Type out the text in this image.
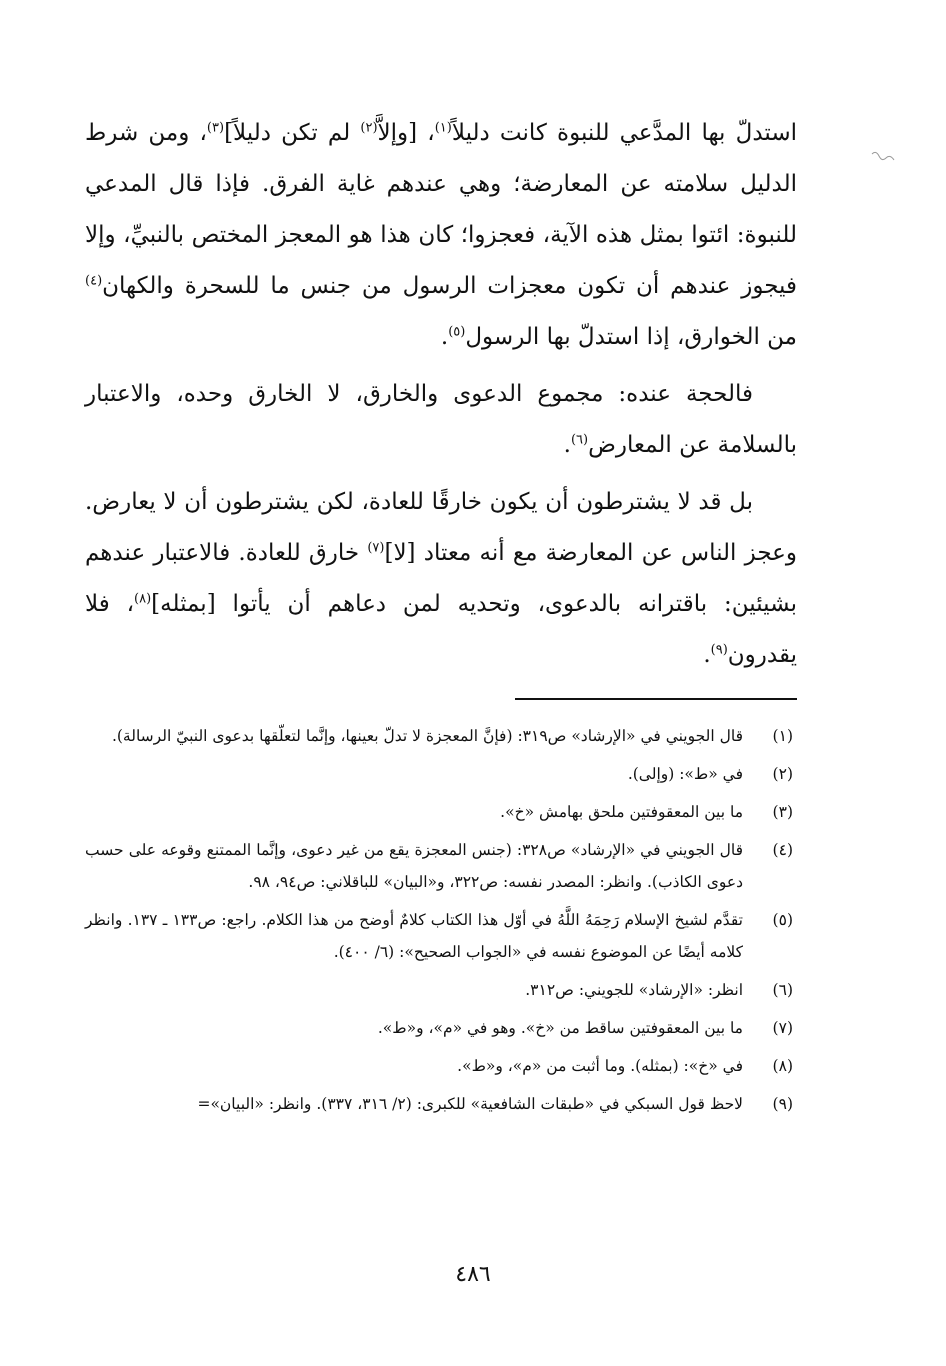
استدلّ بها المدَّعي للنبوة كانت دليلاً$^{(١)}$، [وإلاَّ$^{(٢)}$ لم تكن دليلاً]$^{(٣)}$، ومن شرط الدليل سلامته عن المعارضة؛ وهي عندهم غاية الفرق. فإذا قال المدعي للنبوة: ائتوا بمثل هذه الآية، فعجزوا؛ كان هذا هو المعجز المختص بالنبيِّ، وإلا فيجوز عندهم أن تكون معجزات الرسول من جنس ما للسحرة والكهان$^{(٤)}$ من الخوارق، إذا استدلّ بها الرسول$^{(٥)}$.

فالحجة عنده: مجموع الدعوى والخارق، لا الخارق وحده، والاعتبار بالسلامة عن المعارض$^{(٦)}$.

بل قد لا يشترطون أن يكون خارقًا للعادة، لكن يشترطون أن لا يعارض. وعجز الناس عن المعارضة مع أنه معتاد [لا]$^{(٧)}$ خارق للعادة. فالاعتبار عندهم بشيئين: باقترانه بالدعوى، وتحديه لمن دعاهم أن يأتوا [بمثله]$^{(٨)}$، فلا يقدرون$^{(٩)}$.

(١)
قال الجويني في «الإرشاد» ص٣١٩: (فإنَّ المعجزة لا تدلّ بعينها، وإنَّما لتعلّقها بدعوى النبيّ الرسالة).
(٢)
في «ط»: (وإلى).
(٣)
ما بين المعقوفتين ملحق بهامش «خ».
(٤)
قال الجويني في «الإرشاد» ص٣٢٨: (جنس المعجزة يقع من غير دعوى، وإنَّما الممتنع وقوعه على حسب دعوى الكاذب). وانظر: المصدر نفسه: ص٣٢٢، و«البيان» للباقلاني: ص٩٤، ٩٨.
(٥)
تقدَّم لشيخ الإسلام رَحِمَهُ اللَّهُ في أوّل هذا الكتاب كلامٌ أوضح من هذا الكلام. راجع: ص١٣٣ ـ ١٣٧. وانظر كلامه أيضًا عن الموضوع نفسه في «الجواب الصحيح»: (٦/ ٤٠٠).
(٦)
انظر: «الإرشاد» للجويني: ص٣١٢.
(٧)
ما بين المعقوفتين ساقط من «خ». وهو في «م»، و«ط».
(٨)
في «خ»: (بمثله). وما أثبت من «م»، و«ط».
(٩)
لاحظ قول السبكي في «طبقات الشافعية» للكبرى: (٢/ ٣١٦، ٣٣٧). وانظر: «البيان»=
٤٨٦
